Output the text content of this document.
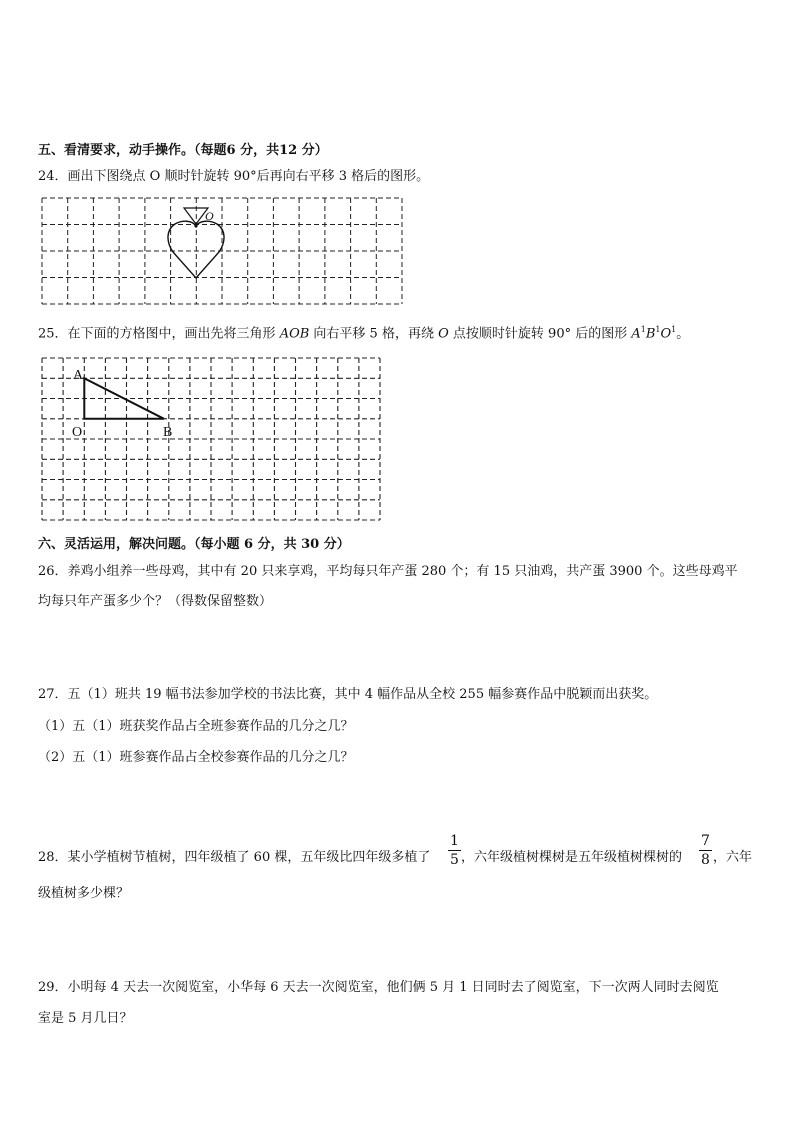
五、看清要求，动手操作。（每题6 分，共12 分）
24．画出下图绕点 O 顺时针旋转 90°后再向右平移 3 格后的图形。
O
25．在下面的方格图中，画出先将三角形 AOB 向右平移 5 格，再绕 O 点按顺时针旋转 90° 后的图形 $A^1B^1O^1$。
A
O	B
六、灵活运用，解决问题。（每小题 6 分，共 30 分）
26．养鸡小组养一些母鸡，其中有 20 只来享鸡，平均每只年产蛋 280 个；有 15 只油鸡，共产蛋 3900 个。这些母鸡平
均每只年产蛋多少个？（得数保留整数）
27．五（1）班共 19 幅书法参加学校的书法比赛，其中 4 幅作品从全校 255 幅参赛作品中脱颖而出获奖。
（1）五（1）班获奖作品占全班参赛作品的几分之几？
（2）五（1）班参赛作品占全校参赛作品的几分之几？
28．某小学植树节植树，四年级植了 60 棵，五年级比四年级多植了 $\frac{1}{5}$ ，六年级植树棵树是五年级植树棵树的 $\frac{7}{8}$ ，六年
级植树多少棵？
29．小明每 4 天去一次阅览室，小华每 6 天去一次阅览室，他们俩 5 月 1 日同时去了阅览室，下一次两人同时去阅览
室是 5 月几日？
